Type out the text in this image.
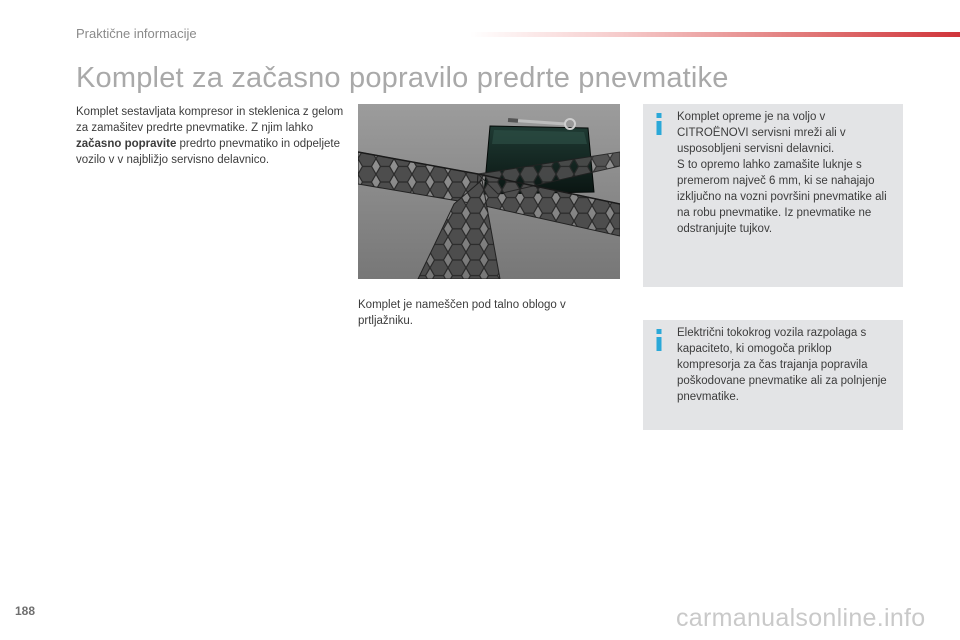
Praktične informacije
Komplet za začasno popravilo predrte pnevmatike

Komplet sestavljata kompresor in steklenica z gelom za zamašitev predrte pnevmatike. Z njim lahko začasno popravite predrto pnevmatiko in odpeljete vozilo v v najbližjo servisno delavnico.

Komplet je nameščen pod talno oblogo v prtljažniku.

Komplet opreme je na voljo v CITROËNOVI servisni mreži ali v usposobljeni servisni delavnici.
S to opremo lahko zamašite luknje s premerom največ 6 mm, ki se nahajajo izključno na vozni površini pnevmatike ali na robu pnevmatike. Iz pnevmatike ne odstranjujte tujkov.

Električni tokokrog vozila razpolaga s kapaciteto, ki omogoča priklop kompresorja za čas trajanja popravila poškodovane pnevmatike ali za polnjenje pnevmatike.

188	carmanualsonline.info
